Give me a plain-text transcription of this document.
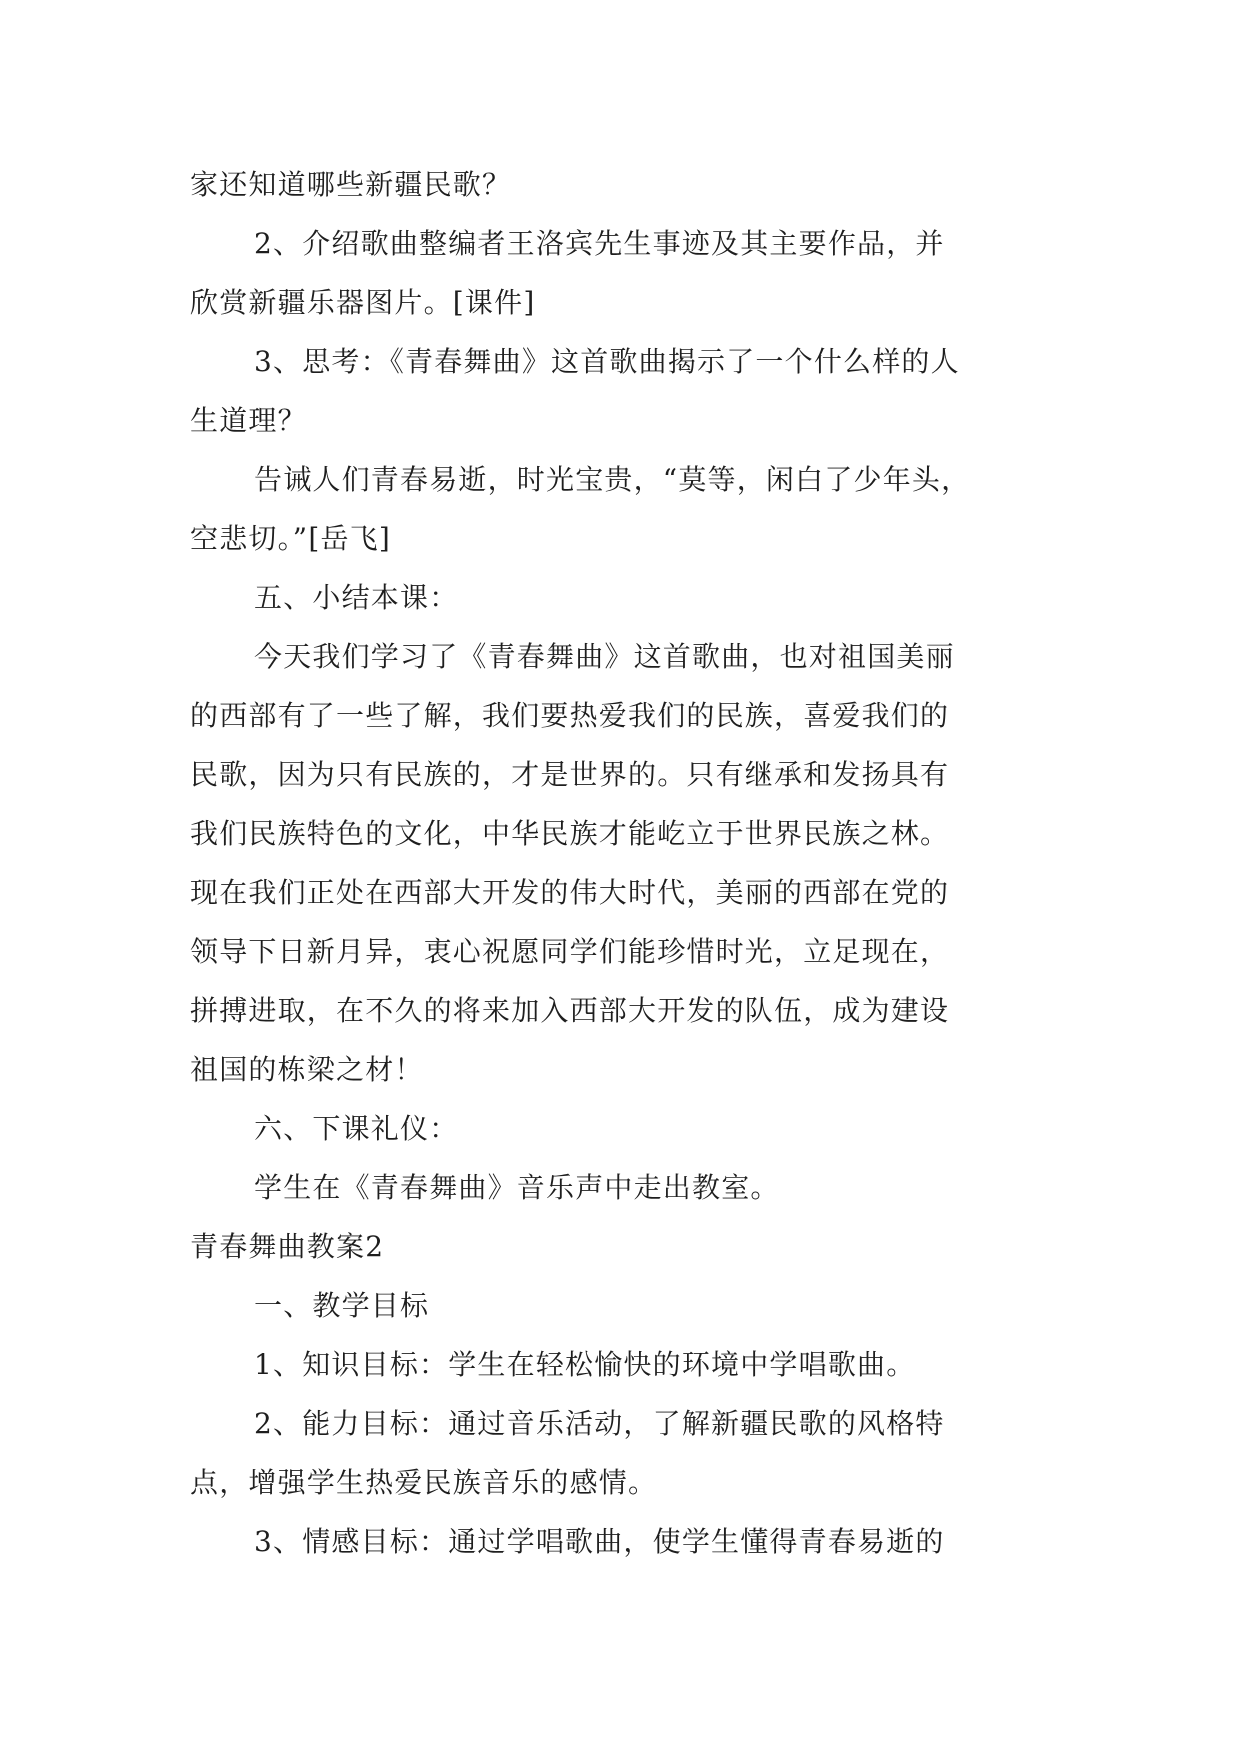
家还知道哪些新疆民歌？
2、介绍歌曲整编者王洛宾先生事迹及其主要作品，并
欣赏新疆乐器图片。[课件]
3、思考：《青春舞曲》这首歌曲揭示了一个什么样的人
生道理？
告诫人们青春易逝，时光宝贵，“莫等，闲白了少年头，
空悲切。”[岳飞]
五、小结本课：
今天我们学习了《青春舞曲》这首歌曲，也对祖国美丽
的西部有了一些了解，我们要热爱我们的民族，喜爱我们的
民歌，因为只有民族的，才是世界的。只有继承和发扬具有
我们民族特色的文化，中华民族才能屹立于世界民族之林。
现在我们正处在西部大开发的伟大时代，美丽的西部在党的
领导下日新月异，衷心祝愿同学们能珍惜时光，立足现在，
拼搏进取，在不久的将来加入西部大开发的队伍，成为建设
祖国的栋梁之材！
六、下课礼仪：
学生在《青春舞曲》音乐声中走出教室。
青春舞曲教案2
一、教学目标
1、知识目标：学生在轻松愉快的环境中学唱歌曲。
2、能力目标：通过音乐活动，了解新疆民歌的风格特
点，增强学生热爱民族音乐的感情。
3、情感目标：通过学唱歌曲，使学生懂得青春易逝的
